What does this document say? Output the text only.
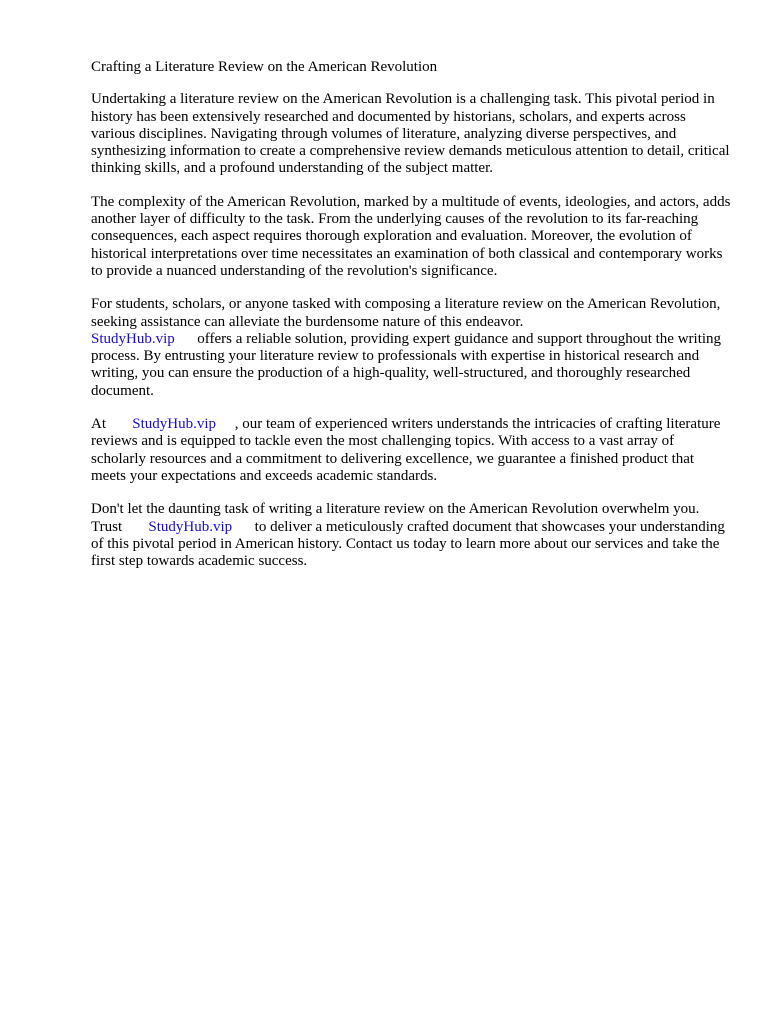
Crafting a Literature Review on the American Revolution

Undertaking a literature review on the American Revolution is a challenging task. This pivotal period in history has been extensively researched and documented by historians, scholars, and experts across various disciplines. Navigating through volumes of literature, analyzing diverse perspectives, and synthesizing information to create a comprehensive review demands meticulous attention to detail, critical thinking skills, and a profound understanding of the subject matter.

The complexity of the American Revolution, marked by a multitude of events, ideologies, and actors, adds another layer of difficulty to the task. From the underlying causes of the revolution to its far-reaching consequences, each aspect requires thorough exploration and evaluation. Moreover, the evolution of historical interpretations over time necessitates an examination of both classical and contemporary works to provide a nuanced understanding of the revolution's significance.

For students, scholars, or anyone tasked with composing a literature review on the American Revolution, seeking assistance can alleviate the burdensome nature of this endeavor.
StudyHub.vip offers a reliable solution, providing expert guidance and support throughout the writing process. By entrusting your literature review to professionals with expertise in historical research and writing, you can ensure the production of a high-quality, well-structured, and thoroughly researched document.

At StudyHub.vip , our team of experienced writers understands the intricacies of crafting literature reviews and is equipped to tackle even the most challenging topics. With access to a vast array of scholarly resources and a commitment to delivering excellence, we guarantee a finished product that meets your expectations and exceeds academic standards.

Don't let the daunting task of writing a literature review on the American Revolution overwhelm you. Trust StudyHub.vip to deliver a meticulously crafted document that showcases your understanding of this pivotal period in American history. Contact us today to learn more about our services and take the first step towards academic success.
